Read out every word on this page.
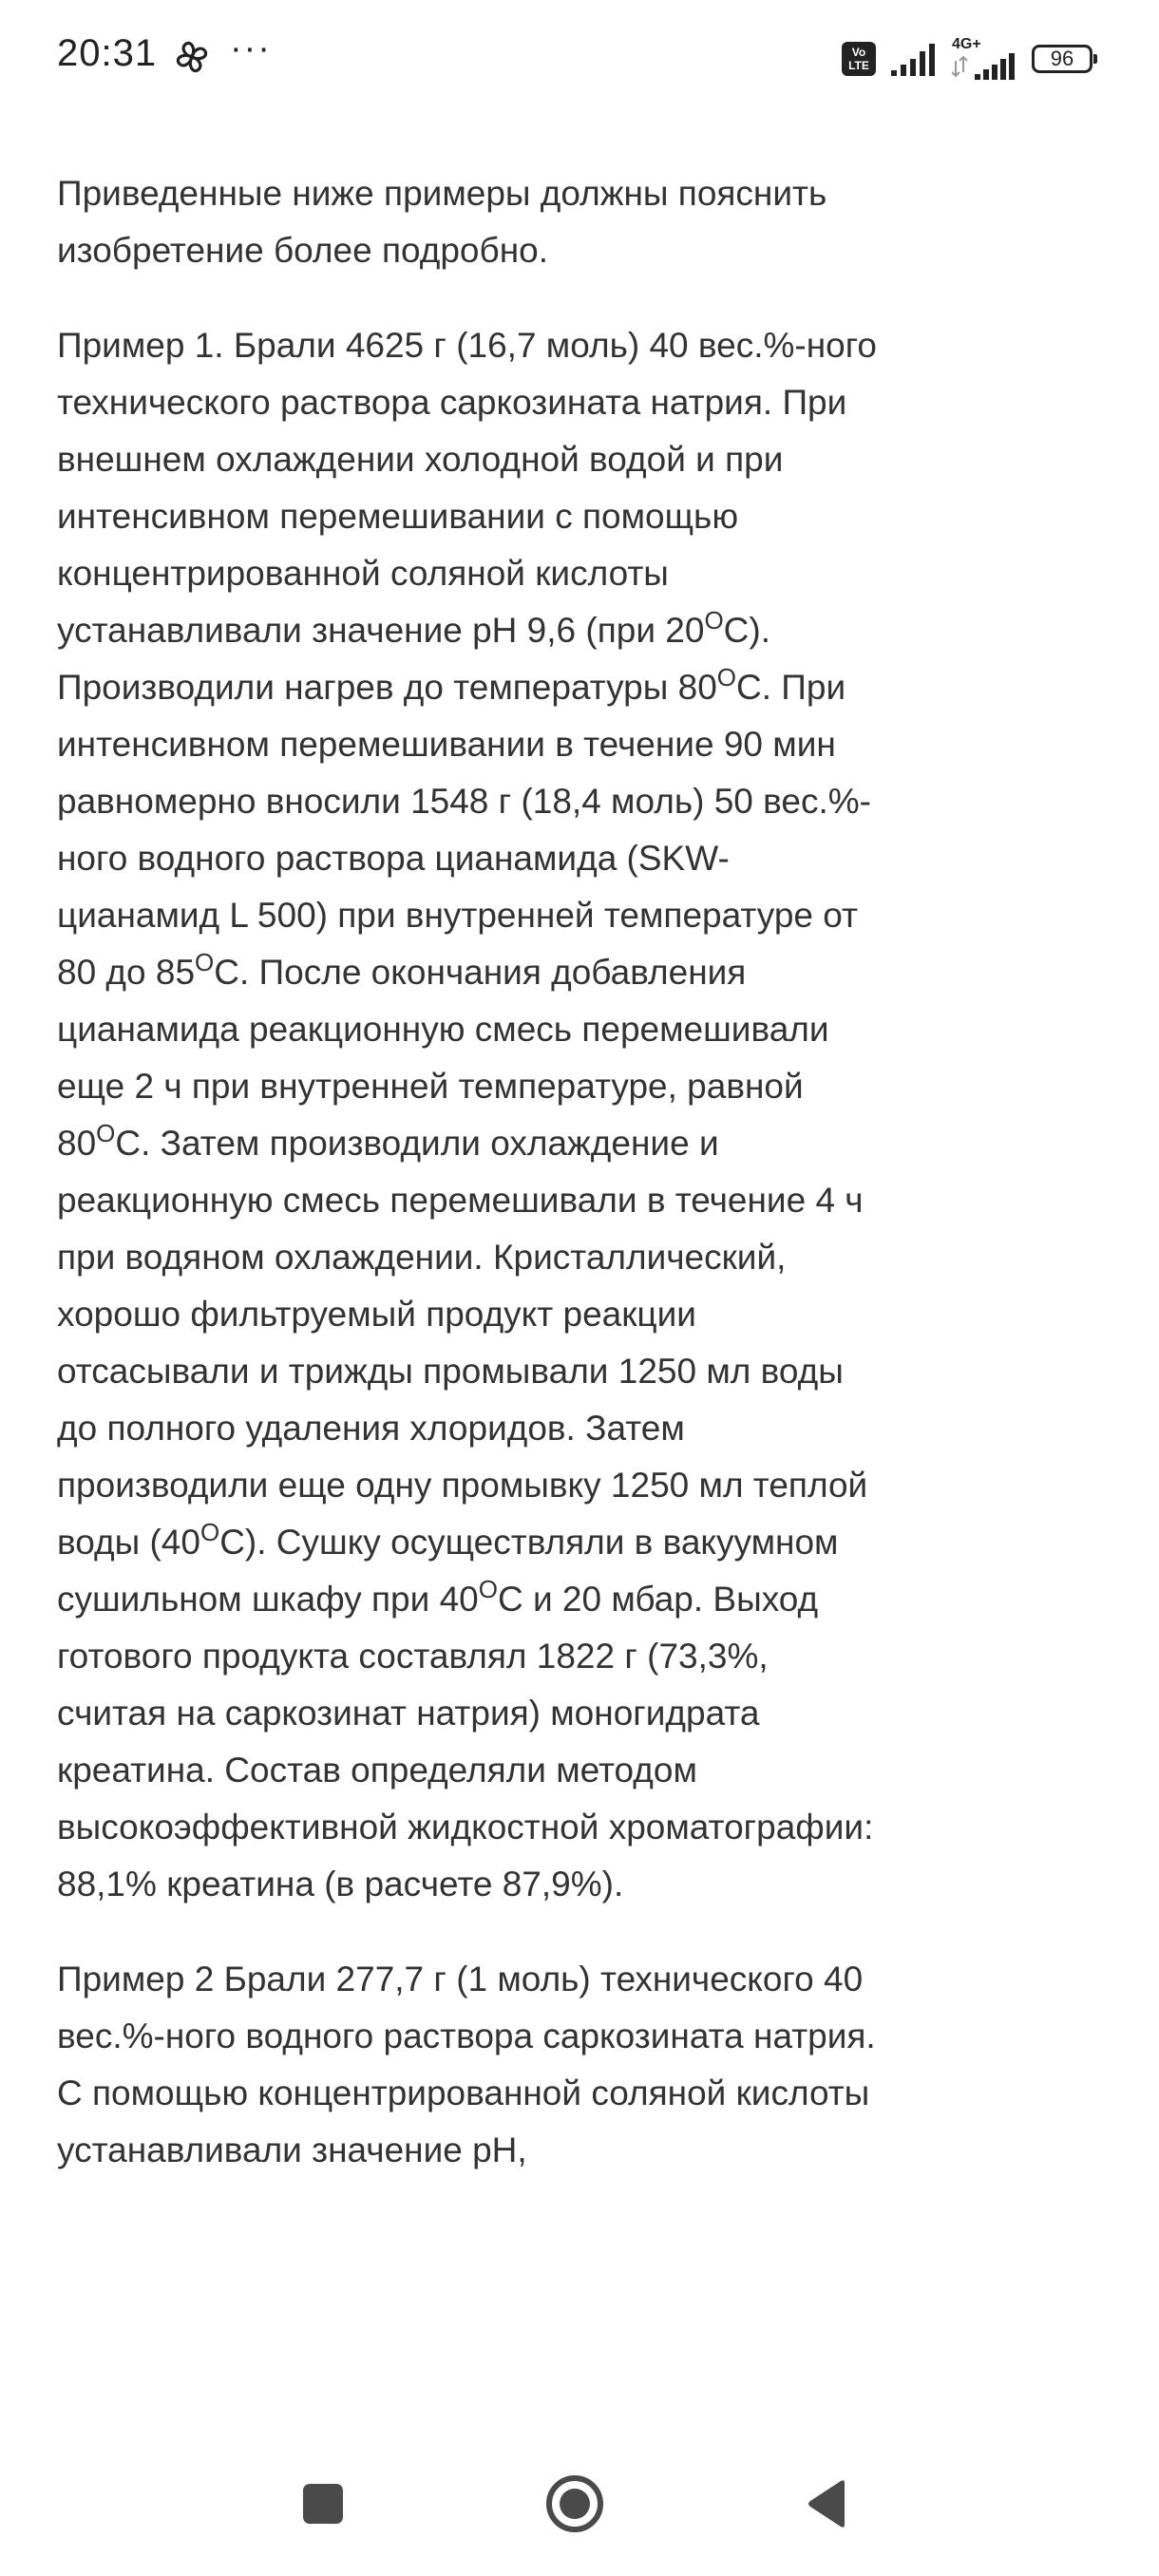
Приведенные ниже примеры должны пояснить изобретение более подробно.

Пример 1. Брали 4625 г (16,7 моль) 40 вес.%-ного технического раствора саркозината натрия. При внешнем охлаждении холодной водой и при интенсивном перемешивании с помощью концентрированной соляной кислоты устанавливали значение pH 9,6 (при $20^OC$). Производили нагрев до температуры $80^OC$. При интенсивном перемешивании в течение 90 мин равномерно вносили 1548 г (18,4 моль) 50 вес.%-ного водного раствора цианамида (SKW-цианамид L 500) при внутренней температуре от 80 до $85^OC$. После окончания добавления цианамида реакционную смесь перемешивали еще 2 ч при внутренней температуре, равной $80^OC$. Затем производили охлаждение и реакционную смесь перемешивали в течение 4 ч при водяном охлаждении. Кристаллический, хорошо фильтруемый продукт реакции отсасывали и трижды промывали 1250 мл воды до полного удаления хлоридов. Затем производили еще одну промывку 1250 мл теплой воды $(40^OC)$. Сушку осуществляли в вакуумном сушильном шкафу при $40^OC$ и 20 мбар. Выход готового продукта составлял 1822 г (73,3%, считая на саркозинат натрия) моногидрата креатина. Состав определяли методом высокоэффективной жидкостной хроматографии: 88,1% креатина (в расчете 87,9%).

Пример 2 Брали 277,7 г (1 моль) технического 40 вес.%-ного водного раствора саркозината натрия. С помощью концентрированной соляной кислоты устанавливали значение pH,

20:31 ···	Vo
LTE
4G+
96
